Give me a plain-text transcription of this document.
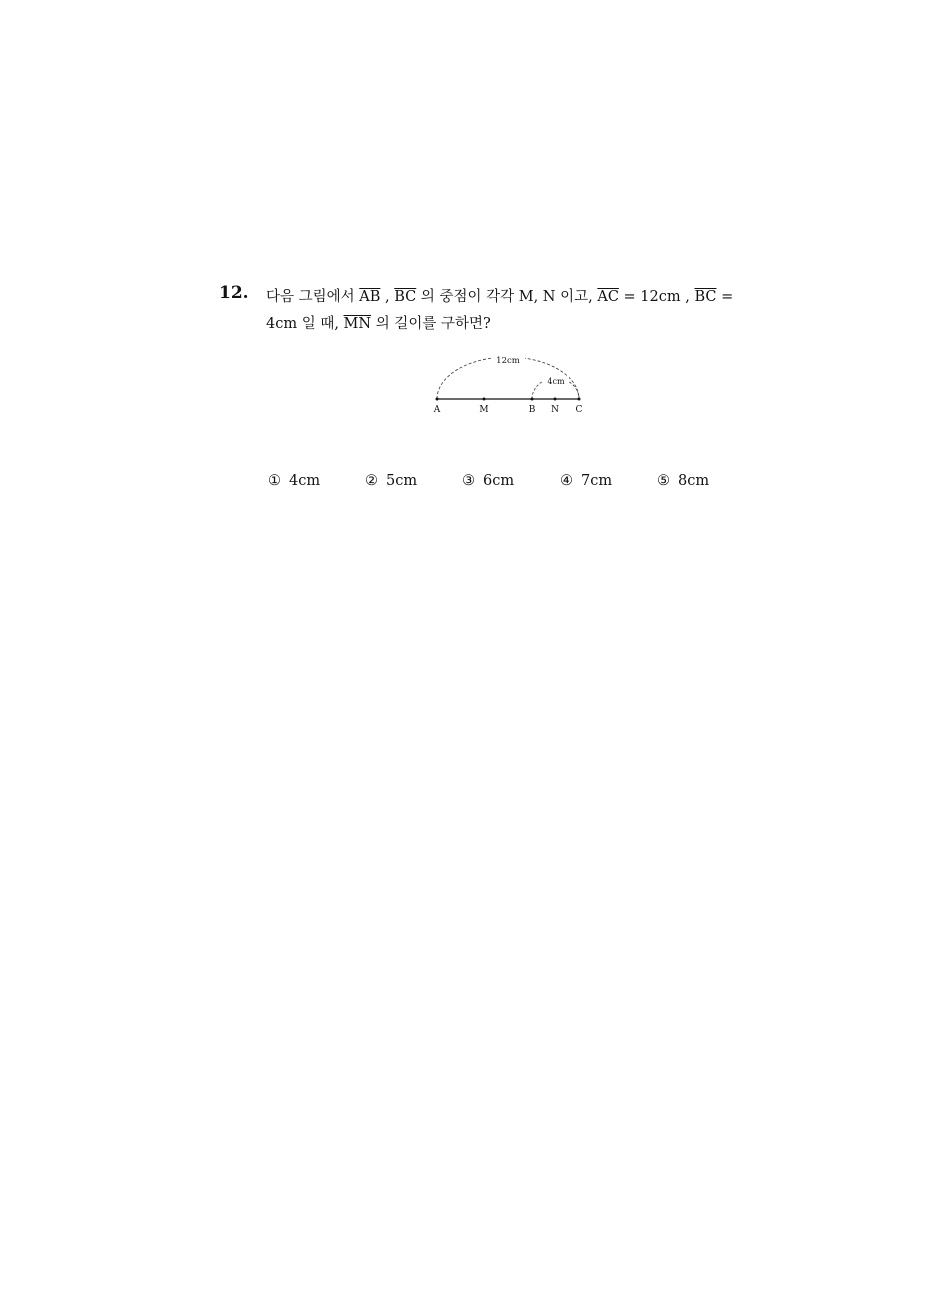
12. 다음 그림에서 $\overline{AB}$ , $\overline{BC}$ 의 중점이 각각 M, N 이고, $\overline{AC} = 12cm$ , $\overline{BC}$ =
4cm 일 때, $\overline{MN}$ 의 길이를 구하면?
12cm
4cm
A	M	B N C
① 4cm	② 5cm	③ 6cm	④ 7cm	⑤ 8cm
